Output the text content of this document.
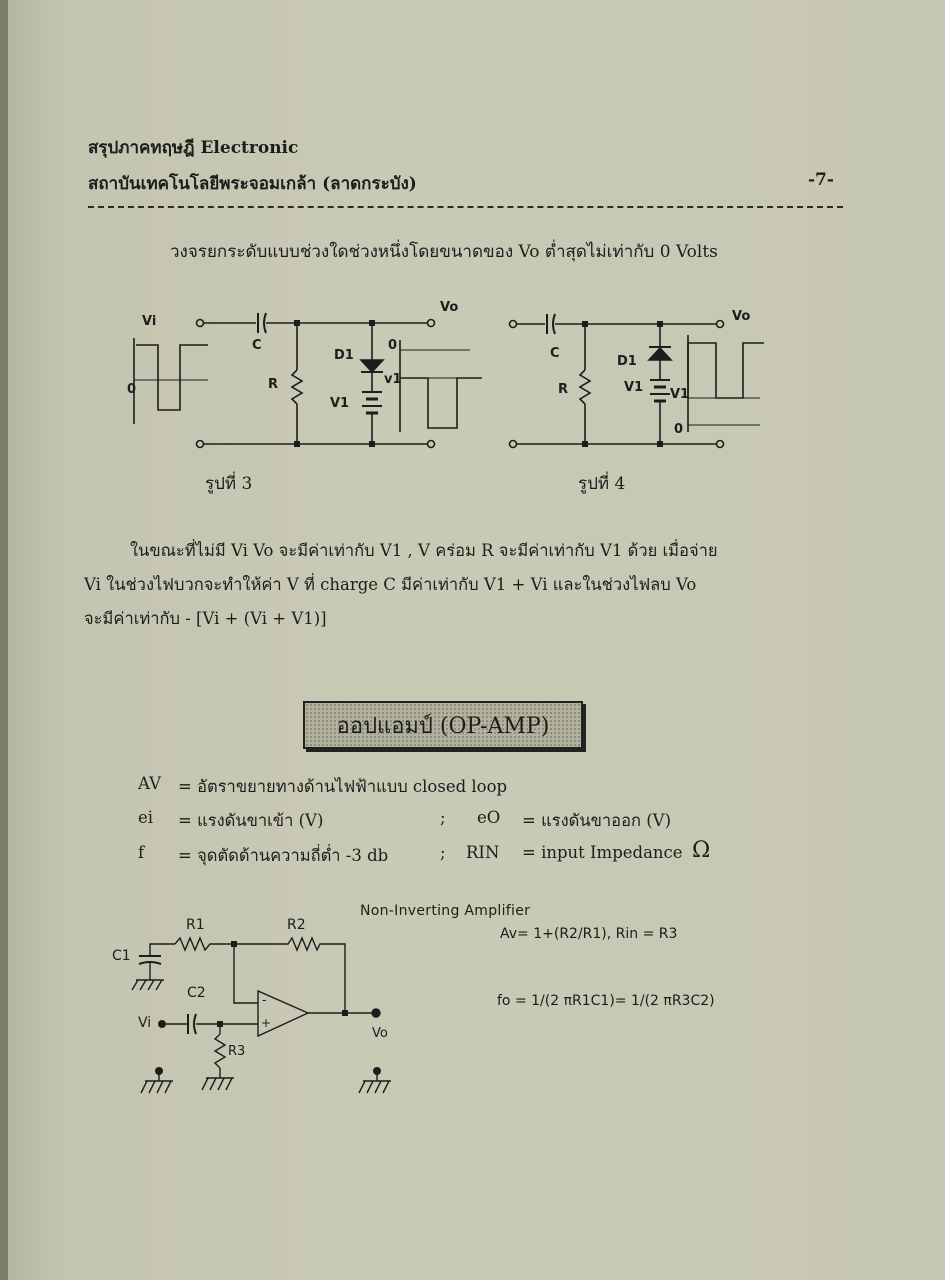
สรุปภาคทฤษฎี Electronic
สถาบันเทคโนโลยีพระจอมเกล้า (ลาดกระบัง)	-7-
วงจรยกระดับแบบช่วงใดช่วงหนึ่งโดยขนาดของ Vo ต่ำสุดไม่เท่ากับ 0 Volts
Vi
Vo
C
R
D1
V1
v1
0
0
รูปที่ 3
Vo
C
R
D1
V1 V1
0
รูปที่ 4
ในขณะที่ไม่มี Vi Vo จะมีค่าเท่ากับ V1 , V คร่อม R จะมีค่าเท่ากับ V1 ด้วย เมื่อจ่าย
Vi ในช่วงไฟบวกจะทำให้ค่า V ที่ charge C มีค่าเท่ากับ V1 + Vi และในช่วงไฟลบ Vo
จะมีค่าเท่ากับ - [Vi + (Vi + V1)]
ออปแอมป์ (OP-AMP)
AV = อัตราขยายทางด้านไฟฟ้าแบบ closed loop
ei = แรงดันขาเข้า (V)	; eO = แรงดันขาออก (V)
f = จุดตัดด้านความถี่ต่ำ -3 db	; RIN = input Impedance Ω
Non-Inverting Amplifier
R1	R2
R3
C1
C2
Vi
Vo
-
+
Av= 1+(R2/R1), Rin = R3
fo = 1/(2 πR1C1)= 1/(2 πR3C2)
